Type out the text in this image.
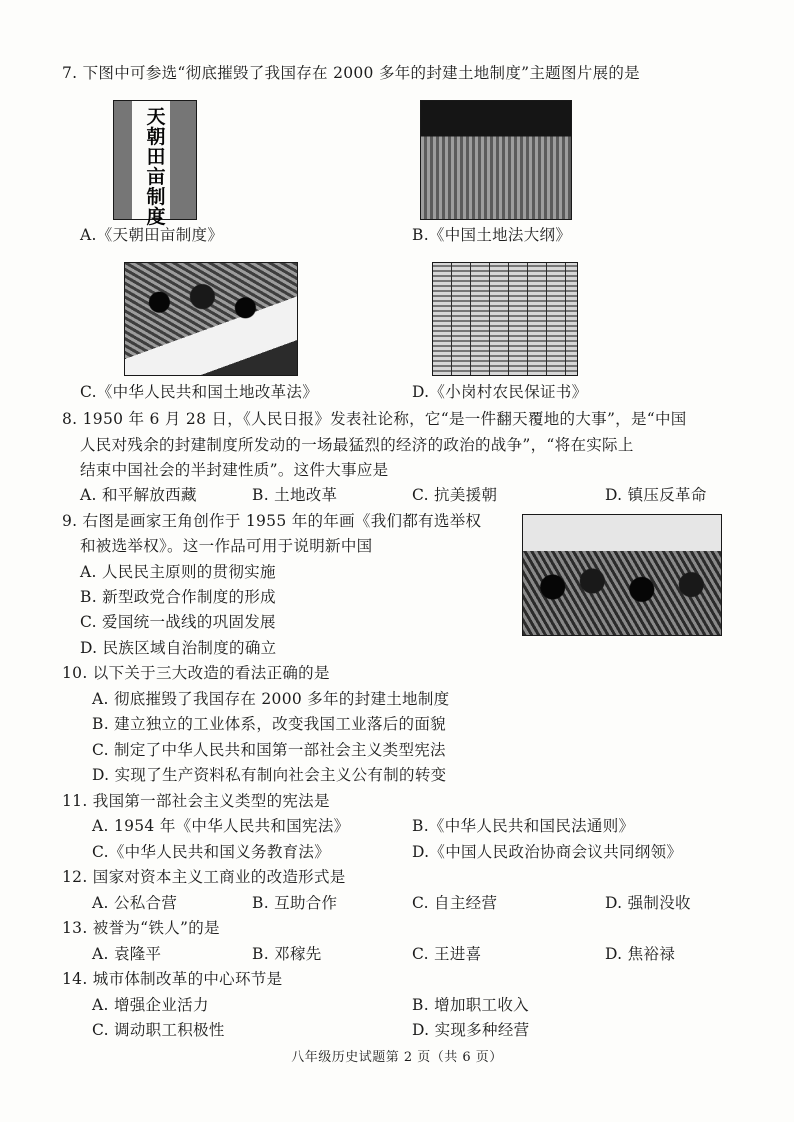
7. 下图中可参选“彻底摧毁了我国存在 2000 多年的封建土地制度”主题图片展的是
天朝田亩制度
A.《天朝田亩制度》	B.《中国土地法大纲》
C.《中华人民共和国土地改革法》	D.《小岗村农民保证书》
8. 1950 年 6 月 28 日，《人民日报》发表社论称，它“是一件翻天覆地的大事”，是“中国
人民对残余的封建制度所发动的一场最猛烈的经济的政治的战争”，“将在实际上
结束中国社会的半封建性质”。这件大事应是
A. 和平解放西藏	B. 土地改革	C. 抗美援朝	D. 镇压反革命
9. 右图是画家王角创作于 1955 年的年画《我们都有选举权
和被选举权》。这一作品可用于说明新中国
A. 人民民主原则的贯彻实施
B. 新型政党合作制度的形成
C. 爱国统一战线的巩固发展
D. 民族区域自治制度的确立
10. 以下关于三大改造的看法正确的是
A. 彻底摧毁了我国存在 2000 多年的封建土地制度
B. 建立独立的工业体系，改变我国工业落后的面貌
C. 制定了中华人民共和国第一部社会主义类型宪法
D. 实现了生产资料私有制向社会主义公有制的转变
11. 我国第一部社会主义类型的宪法是
A. 1954 年《中华人民共和国宪法》	B.《中华人民共和国民法通则》
C.《中华人民共和国义务教育法》	D.《中国人民政治协商会议共同纲领》
12. 国家对资本主义工商业的改造形式是
A. 公私合营	B. 互助合作	C. 自主经营	D. 强制没收
13. 被誉为“铁人”的是
A. 袁隆平	B. 邓稼先	C. 王进喜	D. 焦裕禄
14. 城市体制改革的中心环节是
A. 增强企业活力	B. 增加职工收入
C. 调动职工积极性	D. 实现多种经营
八年级历史试题第 2 页（共 6 页）
